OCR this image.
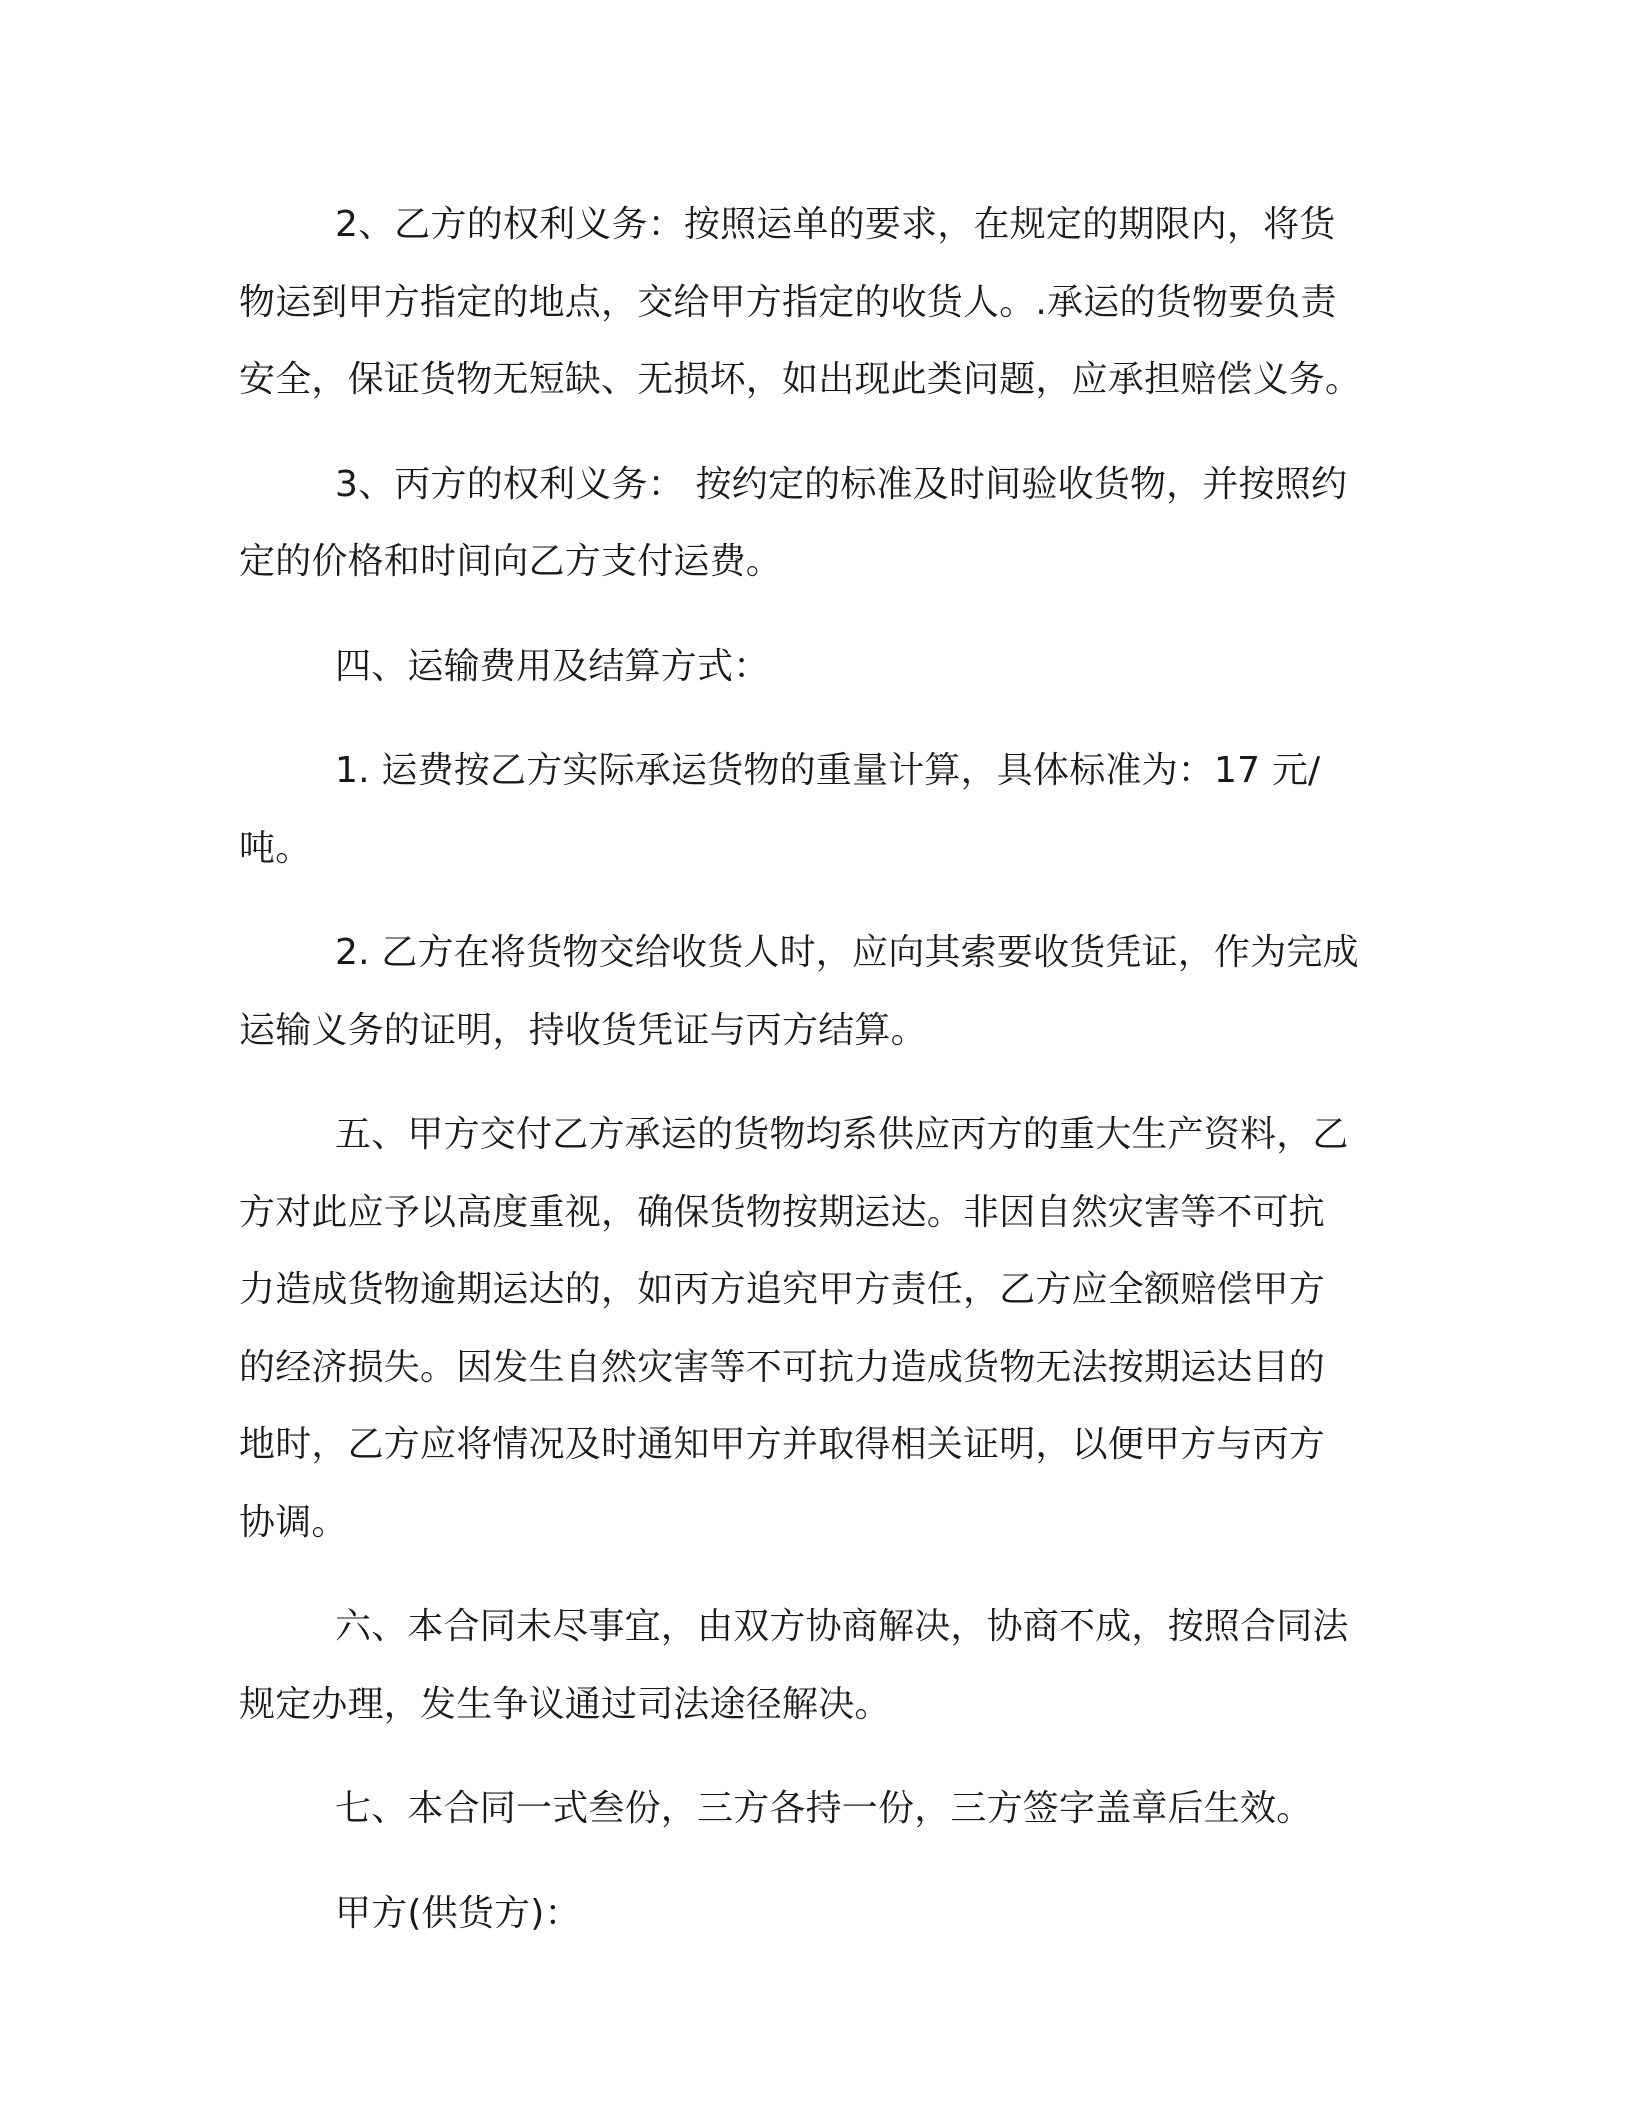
2、乙方的权利义务：按照运单的要求，在规定的期限内，将货
物运到甲方指定的地点，交给甲方指定的收货人。.承运的货物要负责
安全，保证货物无短缺、无损坏，如出现此类问题，应承担赔偿义务。

3、丙方的权利义务： 按约定的标准及时间验收货物，并按照约
定的价格和时间向乙方支付运费。

四、运输费用及结算方式：

1. 运费按乙方实际承运货物的重量计算，具体标准为：17 元/吨。

2. 乙方在将货物交给收货人时，应向其索要收货凭证，作为完成
运输义务的证明，持收货凭证与丙方结算。

五、甲方交付乙方承运的货物均系供应丙方的重大生产资料，乙
方对此应予以高度重视，确保货物按期运达。非因自然灾害等不可抗
力造成货物逾期运达的，如丙方追究甲方责任，乙方应全额赔偿甲方
的经济损失。因发生自然灾害等不可抗力造成货物无法按期运达目的
地时，乙方应将情况及时通知甲方并取得相关证明，以便甲方与丙方
协调。

六、本合同未尽事宜，由双方协商解决，协商不成，按照合同法
规定办理，发生争议通过司法途径解决。

七、本合同一式叁份，三方各持一份，三方签字盖章后生效。

甲方(供货方)：
